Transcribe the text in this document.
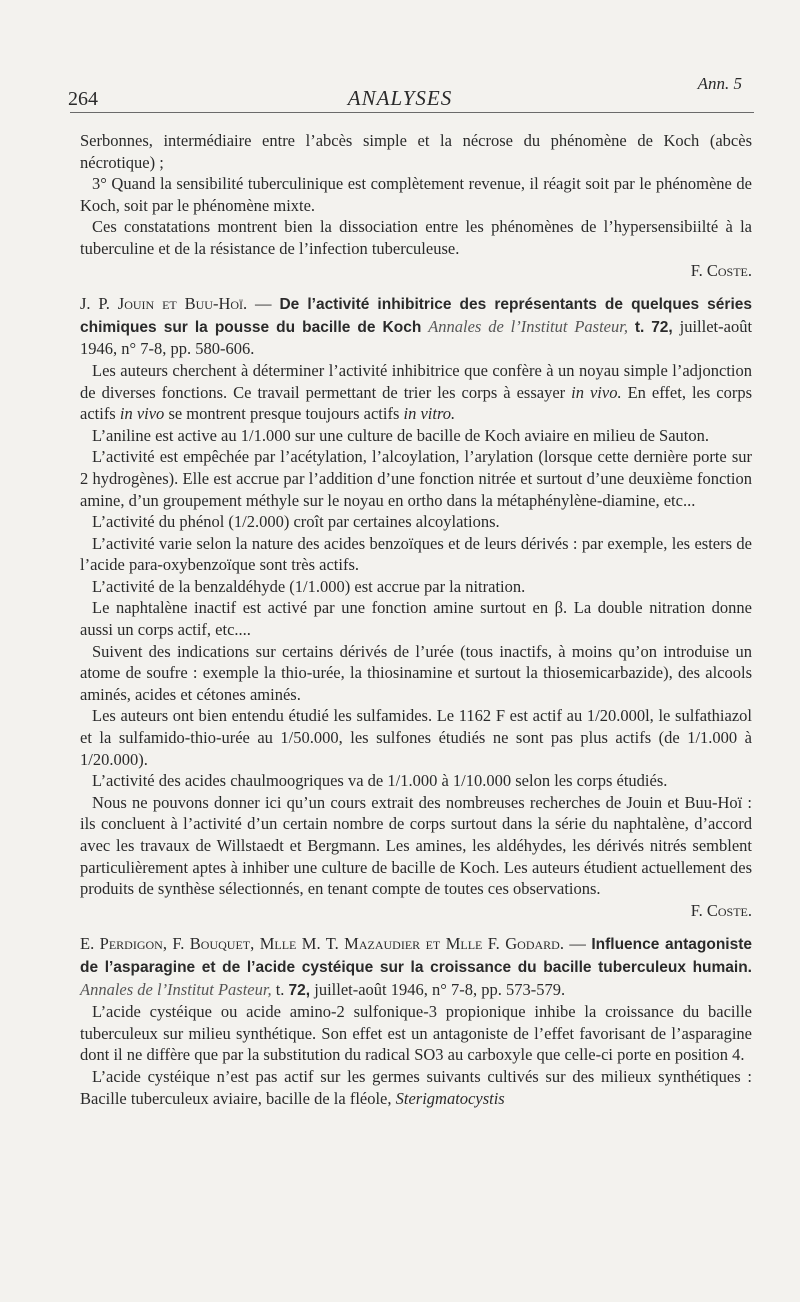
Ann. 5
264	ANALYSES

Serbonnes, intermédiaire entre l’abcès simple et la nécrose du phénomène de Koch (abcès nécrotique) ;

3° Quand la sensibilité tuberculinique est complètement revenue, il réagit soit par le phénomène de Koch, soit par le phénomène mixte.

Ces constatations montrent bien la dissociation entre les phénomènes de l’hypersensibiilté à la tuberculine et de la résistance de l’infection tuberculeuse.

F. Coste.

J. P. Jouin et Buu-Hoï. — De l’activité inhibitrice des représentants de quelques séries chimiques sur la pousse du bacille de Koch Annales de l’Institut Pasteur, t. 72, juillet-août 1946, n° 7-8, pp. 580-606.

Les auteurs cherchent à déterminer l’activité inhibitrice que confère à un noyau simple l’adjonction de diverses fonctions. Ce travail permettant de trier les corps à essayer in vivo. En effet, les corps actifs in vivo se montrent presque toujours actifs in vitro.

L’aniline est active au 1/1.000 sur une culture de bacille de Koch aviaire en milieu de Sauton.

L’activité est empêchée par l’acétylation, l’alcoylation, l’arylation (lorsque cette dernière porte sur 2 hydrogènes). Elle est accrue par l’addition d’une fonction nitrée et surtout d’une deuxième fonction amine, d’un groupement méthyle sur le noyau en ortho dans la métaphénylène-diamine, etc...

L’activité du phénol (1/2.000) croît par certaines alcoylations.

L’activité varie selon la nature des acides benzoïques et de leurs dérivés : par exemple, les esters de l’acide para-oxybenzoïque sont très actifs.

L’activité de la benzaldéhyde (1/1.000) est accrue par la nitration.

Le naphtalène inactif est activé par une fonction amine surtout en β. La double nitration donne aussi un corps actif, etc....

Suivent des indications sur certains dérivés de l’urée (tous inactifs, à moins qu’on introduise un atome de soufre : exemple la thio-urée, la thiosinamine et surtout la thiosemicarbazide), des alcools aminés, acides et cétones aminés.

Les auteurs ont bien entendu étudié les sulfamides. Le 1162 F est actif au 1/20.000l, le sulfathiazol et la sulfamido-thio-urée au 1/50.000, les sulfones étudiés ne sont pas plus actifs (de 1/1.000 à 1/20.000).

L’activité des acides chaulmoogriques va de 1/1.000 à 1/10.000 selon les corps étudiés.

Nous ne pouvons donner ici qu’un cours extrait des nombreuses recherches de Jouin et Buu-Hoï : ils concluent à l’activité d’un certain nombre de corps surtout dans la série du naphtalène, d’accord avec les travaux de Willstaedt et Bergmann. Les amines, les aldéhydes, les dérivés nitrés semblent particulièrement aptes à inhiber une culture de bacille de Koch. Les auteurs étudient actuellement des produits de synthèse sélectionnés, en tenant compte de toutes ces observations.

F. Coste.

E. Perdigon, F. Bouquet, Mlle M. T. Mazaudier et Mlle F. Godard. — Influence antagoniste de l’asparagine et de l’acide cystéique sur la croissance du bacille tuberculeux humain. Annales de l’Institut Pasteur, t. 72, juillet-août 1946, n° 7-8, pp. 573-579.

L’acide cystéique ou acide amino-2 sulfonique-3 propionique inhibe la croissance du bacille tuberculeux sur milieu synthétique. Son effet est un antagoniste de l’effet favorisant de l’asparagine dont il ne diffère que par la substitution du radical SO3 au carboxyle que celle-ci porte en position 4.

L’acide cystéique n’est pas actif sur les germes suivants cultivés sur des milieux synthétiques : Bacille tuberculeux aviaire, bacille de la fléole, Sterigmatocystis
